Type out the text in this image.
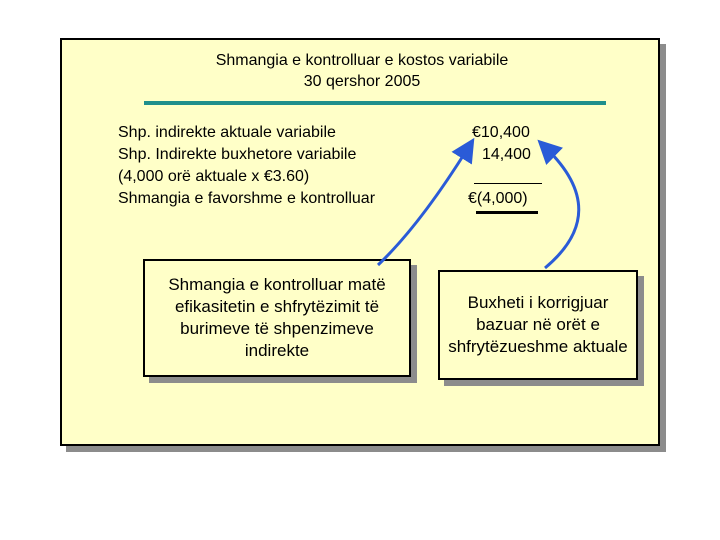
Shmangia e kontrolluar e kostos variabile
30 qershor 2005
Shp. indirekte aktuale variabile
Shp. Indirekte buxhetore variabile
(4,000 orë aktuale x €3.60)
Shmangia e favorshme e kontrolluar
€10,400
14,400
€(4,000)
Shmangia e kontrolluar matë efikasitetin e shfrytëzimit të burimeve të shpenzimeve indirekte
Buxheti i korrigjuar bazuar në orët e shfrytëzueshme aktuale
